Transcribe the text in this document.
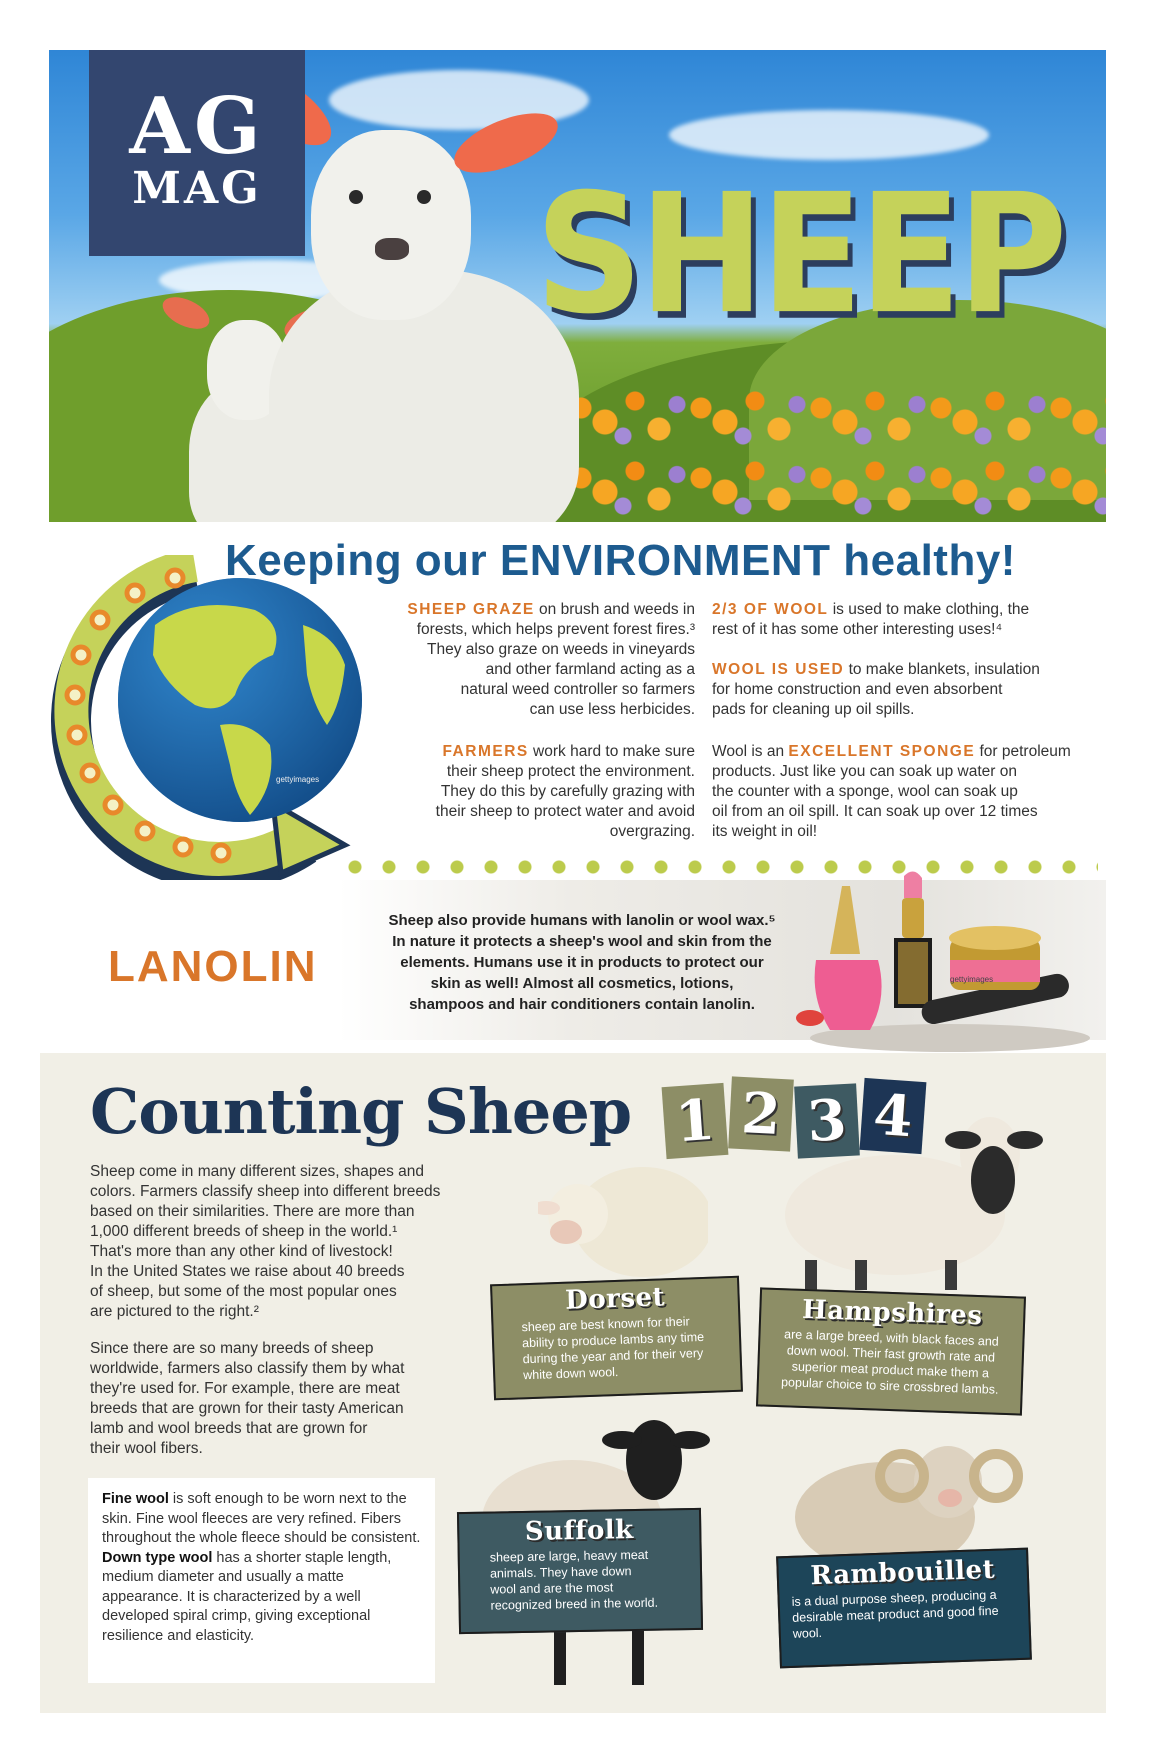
AG
MAG SHEEP
Keeping our ENVIRONMENT healthy!
gettyimages
SHEEP GRAZE on brush and weeds in
forests, which helps prevent forest fires.³
They also graze on weeds in vineyards
and other farmland acting as a
natural weed controller so farmers
can use less herbicides.
FARMERS work hard to make sure
their sheep protect the environment.
They do this by carefully grazing with
their sheep to protect water and avoid
overgrazing.
2/3 OF WOOL is used to make clothing, the
rest of it has some other interesting uses!⁴
WOOL IS USED to make blankets, insulation
for home construction and even absorbent
pads for cleaning up oil spills.
Wool is an EXCELLENT SPONGE for petroleum
products. Just like you can soak up water on
the counter with a sponge, wool can soak up
oil from an oil spill. It can soak up over 12 times
its weight in oil!
LANOLIN
Sheep also provide humans with lanolin or wool wax.⁵
In nature it protects a sheep's wool and skin from the
elements. Humans use it in products to protect our
skin as well! Almost all cosmetics, lotions,
shampoos and hair conditioners contain lanolin.
gettyimages
Counting Sheep 1 2 3 4
Sheep come in many different sizes, shapes and
colors. Farmers classify sheep into different breeds
based on their similarities. There are more than
1,000 different breeds of sheep in the world.¹
That's more than any other kind of livestock!
In the United States we raise about 40 breeds
of sheep, but some of the most popular ones
are pictured to the right.²
Since there are so many breeds of sheep
worldwide, farmers also classify them by what
they're used for. For example, there are meat
breeds that are grown for their tasty American
lamb and wool breeds that are grown for
their wool fibers.

Fine wool is soft enough to be worn next to the skin. Fine wool fleeces are very refined. Fibers throughout the whole fleece should be consistent.

Down type wool has a shorter staple length, medium diameter and usually a matte appearance. It is characterized by a well developed spiral crimp, giving exceptional resilience and elasticity.

Dorset
sheep are best known for their ability to produce lambs any time during the year and for their very white down wool.
Hampshires
are a large breed, with black faces and down wool. Their fast growth rate and superior meat product make them a popular choice to sire crossbred lambs.
Suffolk
sheep are large, heavy meat animals. They have down wool and are the most recognized breed in the world.
Rambouillet
is a dual purpose sheep, producing a desirable meat product and good fine wool.
